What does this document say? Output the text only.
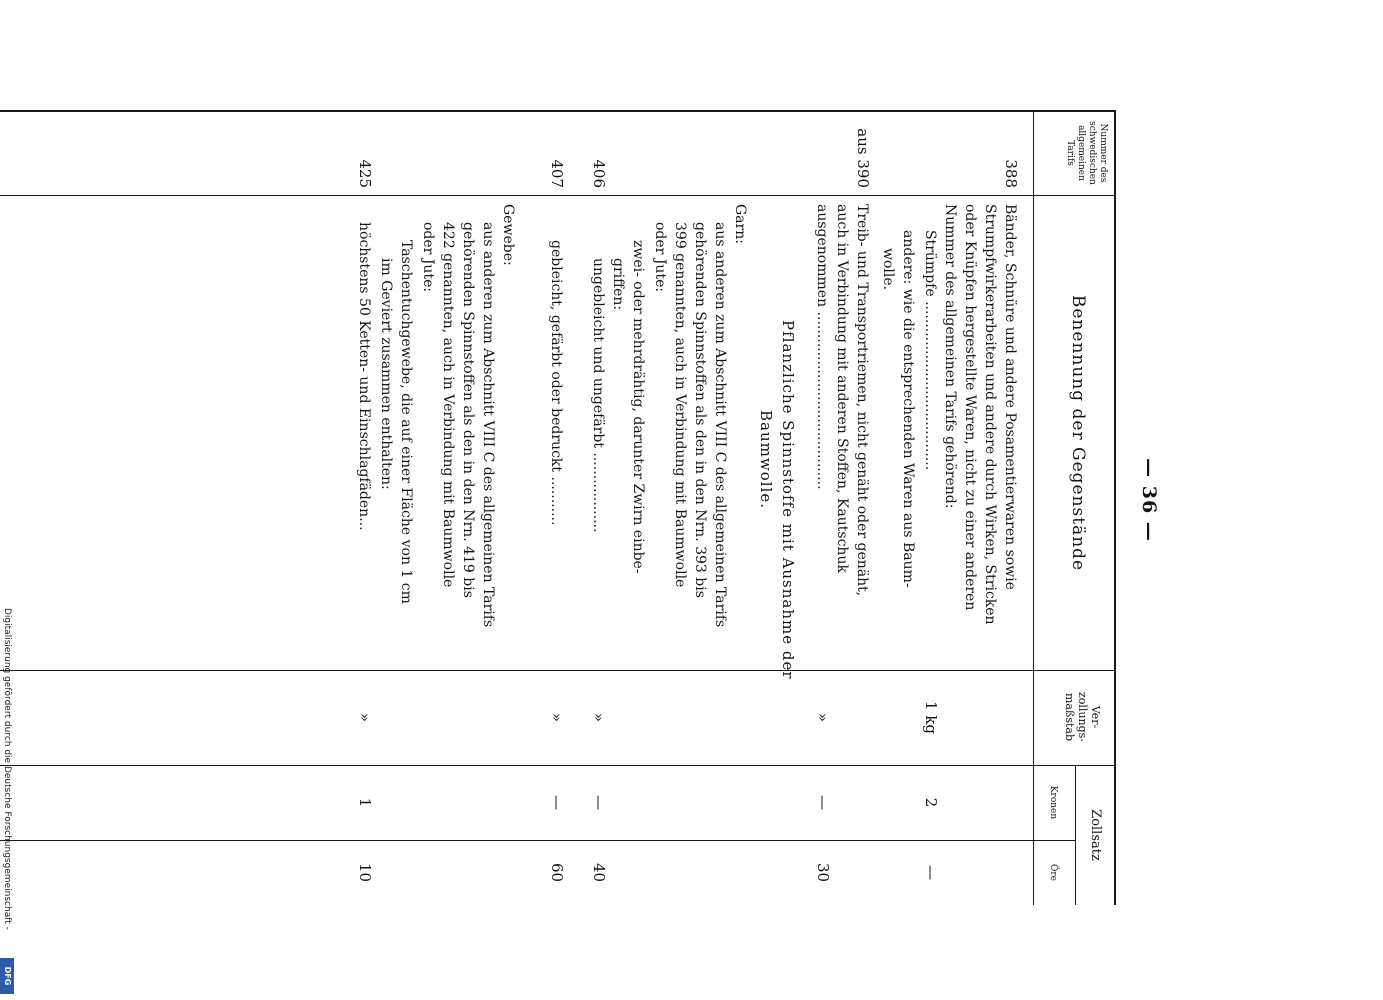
— 36 —
Nummer des schwedischen allgemeinen Tarifs
Benennung der Gegenstände
Ver-zollungs-maßstab
Zollsatz
Kronen
Öre
388
Bänder, Schnüre und andere Posamentierwaren sowie
Strumpfwirkerarbeiten und andere durch Wirken, Stricken
oder Knüpfen hergestellte Waren, nicht zu einer anderen
Nummer des allgemeinen Tarifs gehörend:
Strümpfe ......................................
1 kg
2
—
andere: wie die entsprechenden Waren aus Baum-
wolle.
aus 390
Treib- und Transportriemen, nicht genäht oder genäht,
auch in Verbindung mit anderen Stoffen, Kautschuk
ausgenommen ........................................
»
—
30
Pflanzliche Spinnstoffe mit Ausnahme der
Baumwolle.
Garn:
aus anderen zum Abschnitt VIII C des allgemeinen Tarifs
gehörenden Spinnstoffen als den in den Nrn. 393 bis
399 genannten, auch in Verbindung mit Baumwolle
oder Jute:
zwei- oder mehrdrähtig, darunter Zwirn einbe-
griffen:
406
ungebleicht und ungefärbt ..................
»
—
40
407
gebleicht, gefärbt oder bedruckt ...........
»
—
60
Gewebe:
aus anderen zum Abschnitt VIII C des allgemeinen Tarifs
gehörenden Spinnstoffen als den in den Nrn. 419 bis
422 genannten, auch in Verbindung mit Baumwolle
oder Jute:
Taschentuchgewebe, die auf einer Fläche von 1 cm
im Geviert zusammen enthalten:
425
höchstens 50 Ketten- und Einschlagfäden...
»
1
10
Digitalisierung gefördert durch die Deutsche Forschungsgemeinschaft -
DFG
